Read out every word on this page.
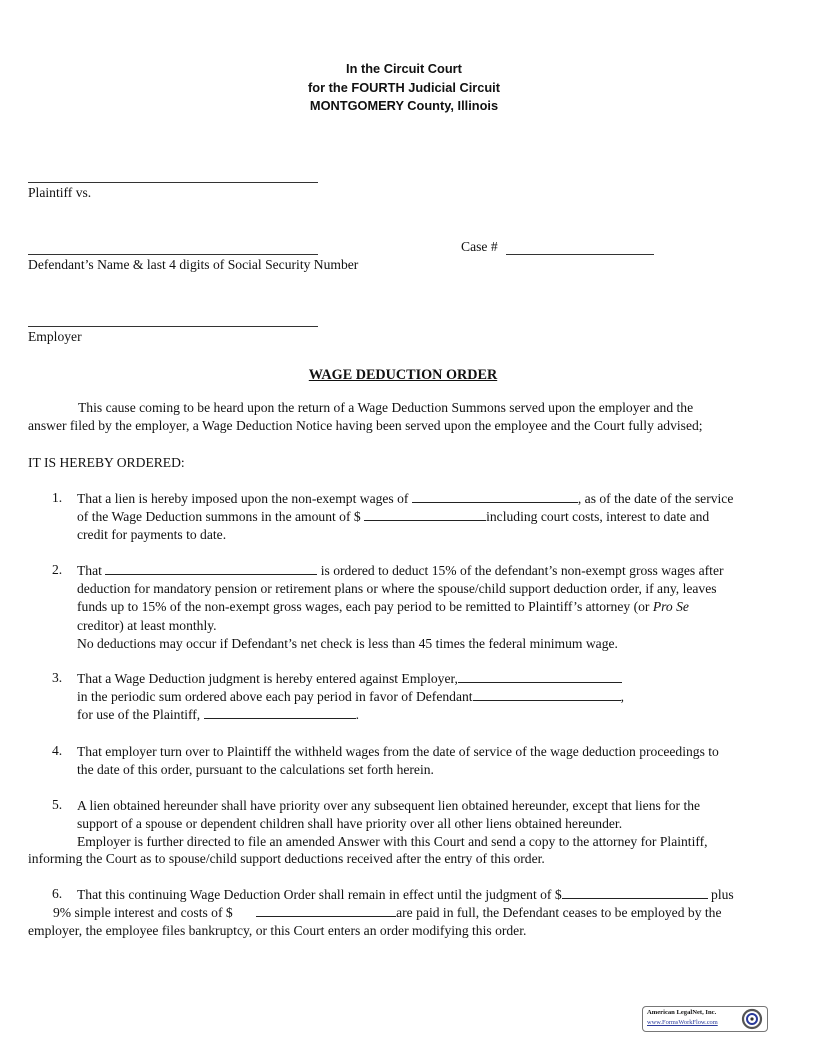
In the Circuit Court
for the FOURTH Judicial Circuit
MONTGOMERY County, Illinois
Plaintiff vs.
Defendant’s Name & last 4 digits of Social Security Number
Case #
Employer
WAGE DEDUCTION ORDER
This cause coming to be heard upon the return of a Wage Deduction Summons served upon the employer and the
answer filed by the employer, a Wage Deduction Notice having been served upon the employee and the Court fully advised;
IT IS HEREBY ORDERED:
1. That a lien is hereby imposed upon the non-exempt wages of	, as of the date of the service
of the Wage Deduction summons in the amount of $	including court costs, interest to date and
credit for payments to date.
2. That	is ordered to deduct 15% of the defendant’s non-exempt gross wages after
deduction for mandatory pension or retirement plans or where the spouse/child support deduction order, if any, leaves
funds up to 15% of the non-exempt gross wages, each pay period to be remitted to Plaintiff’s attorney (or Pro Se
creditor) at least monthly.
No deductions may occur if Defendant’s net check is less than 45 times the federal minimum wage.
3. That a Wage Deduction judgment is hereby entered against Employer,
in the periodic sum ordered above each pay period in favor of Defendant	,
for use of the Plaintiff,	.
4. That employer turn over to Plaintiff the withheld wages from the date of service of the wage deduction proceedings to
the date of this order, pursuant to the calculations set forth herein.
5. A lien obtained hereunder shall have priority over any subsequent lien obtained hereunder, except that liens for the
support of a spouse or dependent children shall have priority over all other liens obtained hereunder.
Employer is further directed to file an amended Answer with this Court and send a copy to the attorney for Plaintiff,
informing the Court as to spouse/child support deductions received after the entry of this order.
6. That this continuing Wage Deduction Order shall remain in effect until the judgment of $	plus
9% simple interest and costs of $	are paid in full, the Defendant ceases to be employed by the
employer, the employee files bankruptcy, or this Court enters an order modifying this order.
American LegalNet, Inc.
www.FormsWorkFlow.com
